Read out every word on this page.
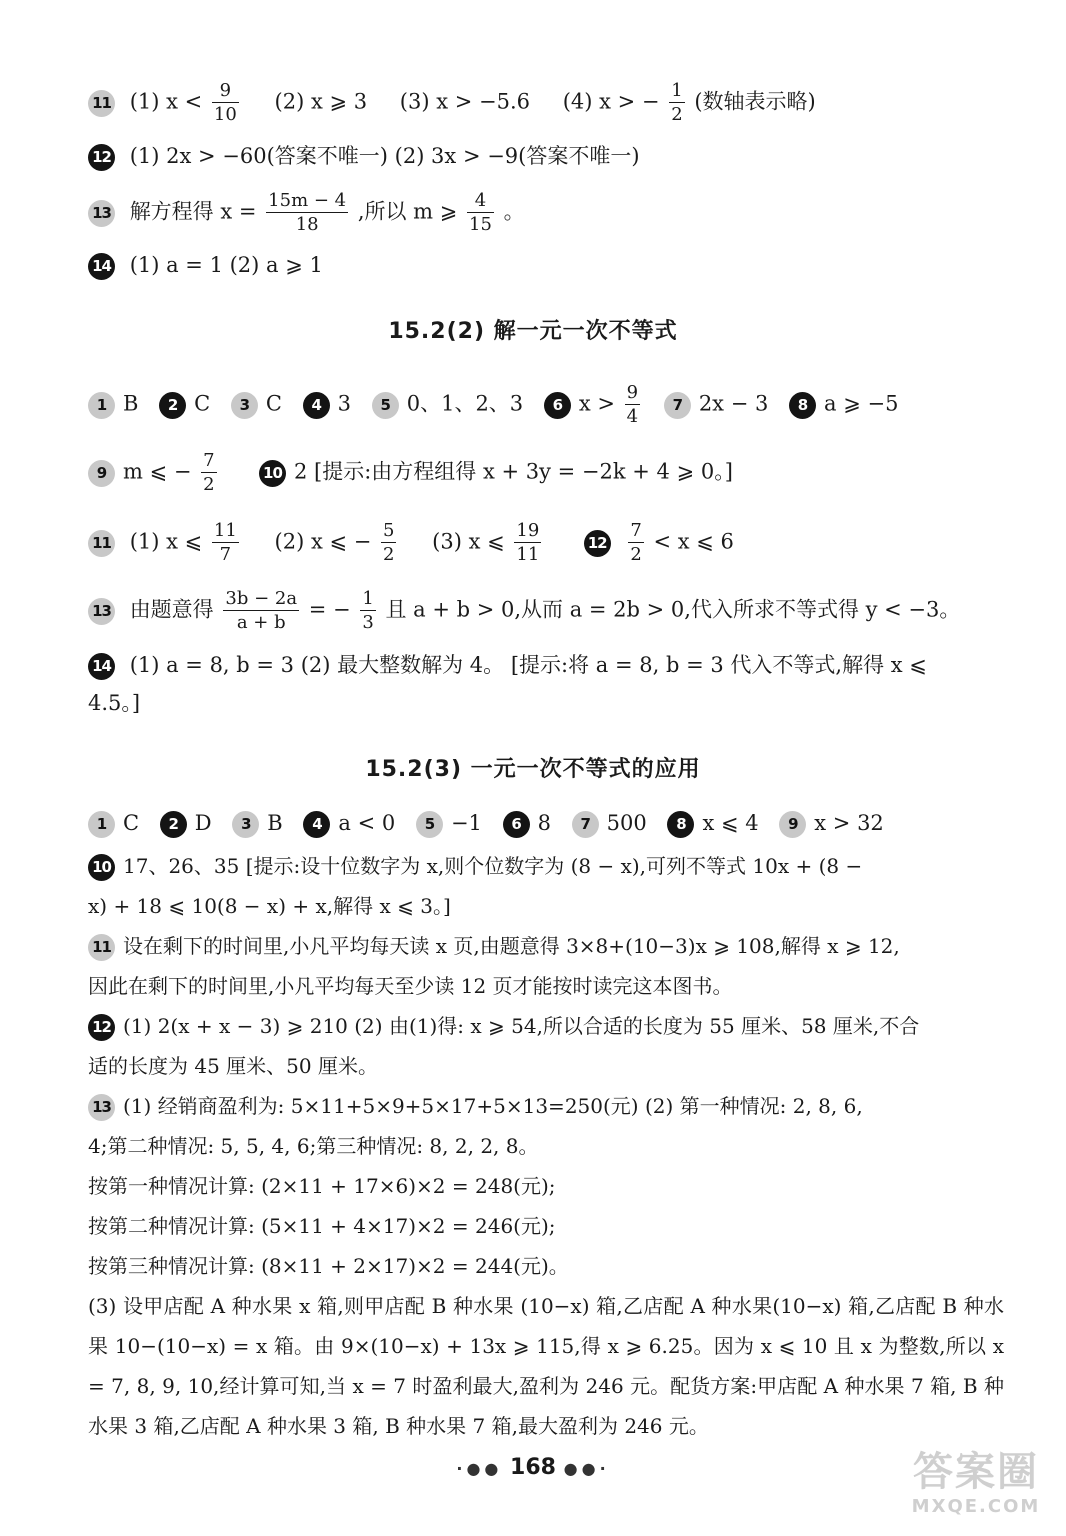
11 (1) $x < \frac{9}{10} (2)$ x ⩾ 3 (3) x > −5.6 (4) x > − $\frac{1}{2}$ (数轴表示略)
12 (1) 2x > −60(答案不唯一) (2) 3x > −9(答案不唯一)
13 解方程得 $x = \frac{15m - 4}{18}$ ,所以 m ⩾ $\frac{4}{15}$ 。
14 (1) a = 1 (2) a ⩾ 1
15.2(2) 解一元一次不等式
1 B 2 C 3 C 4 3 5 0、1、2、3 6 $x > \frac{9}{4} 7$ 2x − 3 8 a ⩾ −5
9 m ⩽ − $\frac{7}{2}$	10 2 [提示:由方程组得 x + 3y = −2k + 4 ⩾ 0。]
11 (1) x ⩽ $\frac{11}{7} (2)$ x ⩽ − $\frac{5}{2} (3)$ x ⩽ $\frac{19}{11}$	$12 \frac{7}{2} < x$ ⩽ 6
13 由题意得 $\frac{3b - 2a}{a + b}$ = − $\frac{1}{3}$ 且 a + b > 0,从而 a = 2b > 0,代入所求不等式得 y < −3。
14 (1) a = 8, b = 3 (2) 最大整数解为 4。 [提示:将 a = 8, b = 3 代入不等式,解得 x ⩽
4.5。]
15.2(3) 一元一次不等式的应用
1 C 2 D 3 B 4 a < 0 5 −1 6 8 7 500 8 x ⩽ 4 9 x > 32
10 17、26、35 [提示:设十位数字为 x,则个位数字为 (8 − x),可列不等式 10x + (8 −
x) + 18 ⩽ 10(8 − x) + x,解得 x ⩽ 3。]
11 设在剩下的时间里,小凡平均每天读 x 页,由题意得 3×8+(10−3)x ⩾ 108,解得 x ⩾ 12,
因此在剩下的时间里,小凡平均每天至少读 12 页才能按时读完这本图书。
12 (1) 2(x + x − 3) ⩾ 210 (2) 由(1)得: x ⩾ 54,所以合适的长度为 55 厘米、58 厘米,不合
适的长度为 45 厘米、50 厘米。
13 (1) 经销商盈利为: 5×11+5×9+5×17+5×13=250(元) (2) 第一种情况: 2, 8, 6,
4;第二种情况: 5, 5, 4, 6;第三种情况: 8, 2, 2, 8。
按第一种情况计算: (2×11 + 17×6)×2 = 248(元);
按第二种情况计算: (5×11 + 4×17)×2 = 246(元);
按第三种情况计算: (8×11 + 2×17)×2 = 244(元)。
(3) 设甲店配 A 种水果 x 箱,则甲店配 B 种水果 (10−x) 箱,乙店配 A 种水果(10−x) 箱,乙店配 B 种水果 10−(10−x) = x 箱。由 9×(10−x) + 13x ⩾ 115,得 x ⩾ 6.25。因为 x ⩽ 10 且 x 为整数,所以 x = 7, 8, 9, 10,经计算可知,当 x = 7 时盈利最大,盈利为 246 元。配货方案:甲店配 A 种水果 7 箱, B 种水果 3 箱,乙店配 A 种水果 3 箱, B 种水果 7 箱,最大盈利为 246 元。
·●● 168 ●●·	答案圈
MXQE.COM
